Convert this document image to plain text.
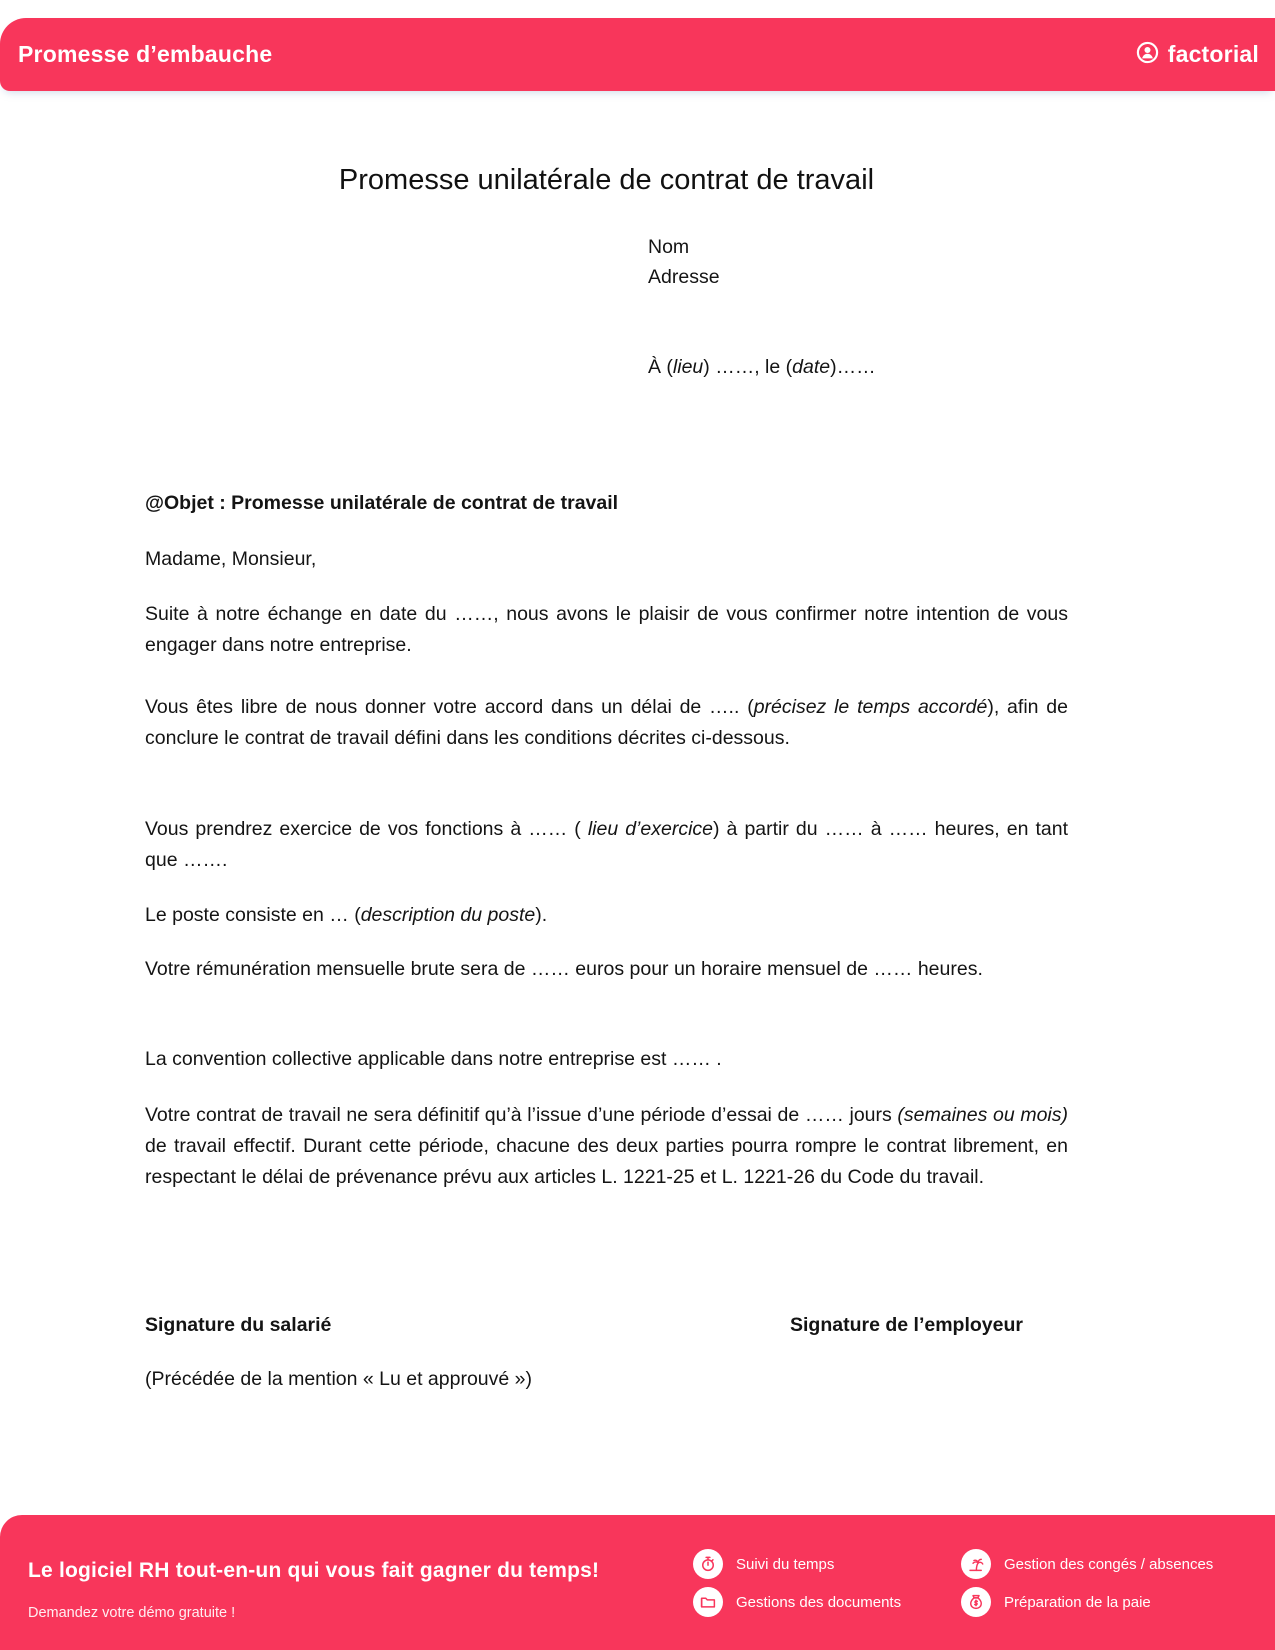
Promesse d’embauche	factorial
Promesse unilatérale de contrat de travail
Nom
Adresse
À (lieu) ……, le (date)……
@Objet : Promesse unilatérale de contrat de travail
Madame, Monsieur,
Suite à notre échange en date du ……, nous avons le plaisir de vous confirmer notre intention de vous engager dans notre entreprise.
Vous êtes libre de nous donner votre accord dans un délai de ….. (précisez le temps accordé), afin de conclure le contrat de travail défini dans les conditions décrites ci-dessous.
Vous prendrez exercice de vos fonctions à …… ( lieu d’exercice) à partir du …… à …… heures, en tant que …….
Le poste consiste en … (description du poste).
Votre rémunération mensuelle brute sera de …… euros pour un horaire mensuel de …… heures.
La convention collective applicable dans notre entreprise est …… .
Votre contrat de travail ne sera définitif qu’à l’issue d’une période d’essai de …… jours (semaines ou mois) de travail effectif. Durant cette période, chacune des deux parties pourra rompre le contrat librement, en respectant le délai de prévenance prévu aux articles L. 1221-25 et L. 1221-26 du Code du travail.
Signature du salarié	Signature de l’employeur
(Précédée de la mention « Lu et approuvé »)
Le logiciel RH tout-en-un qui vous fait gagner du temps!
Demandez votre démo gratuite !
Suivi du temps
Gestions des documents
Gestion des congés / absences
Préparation de la paie
